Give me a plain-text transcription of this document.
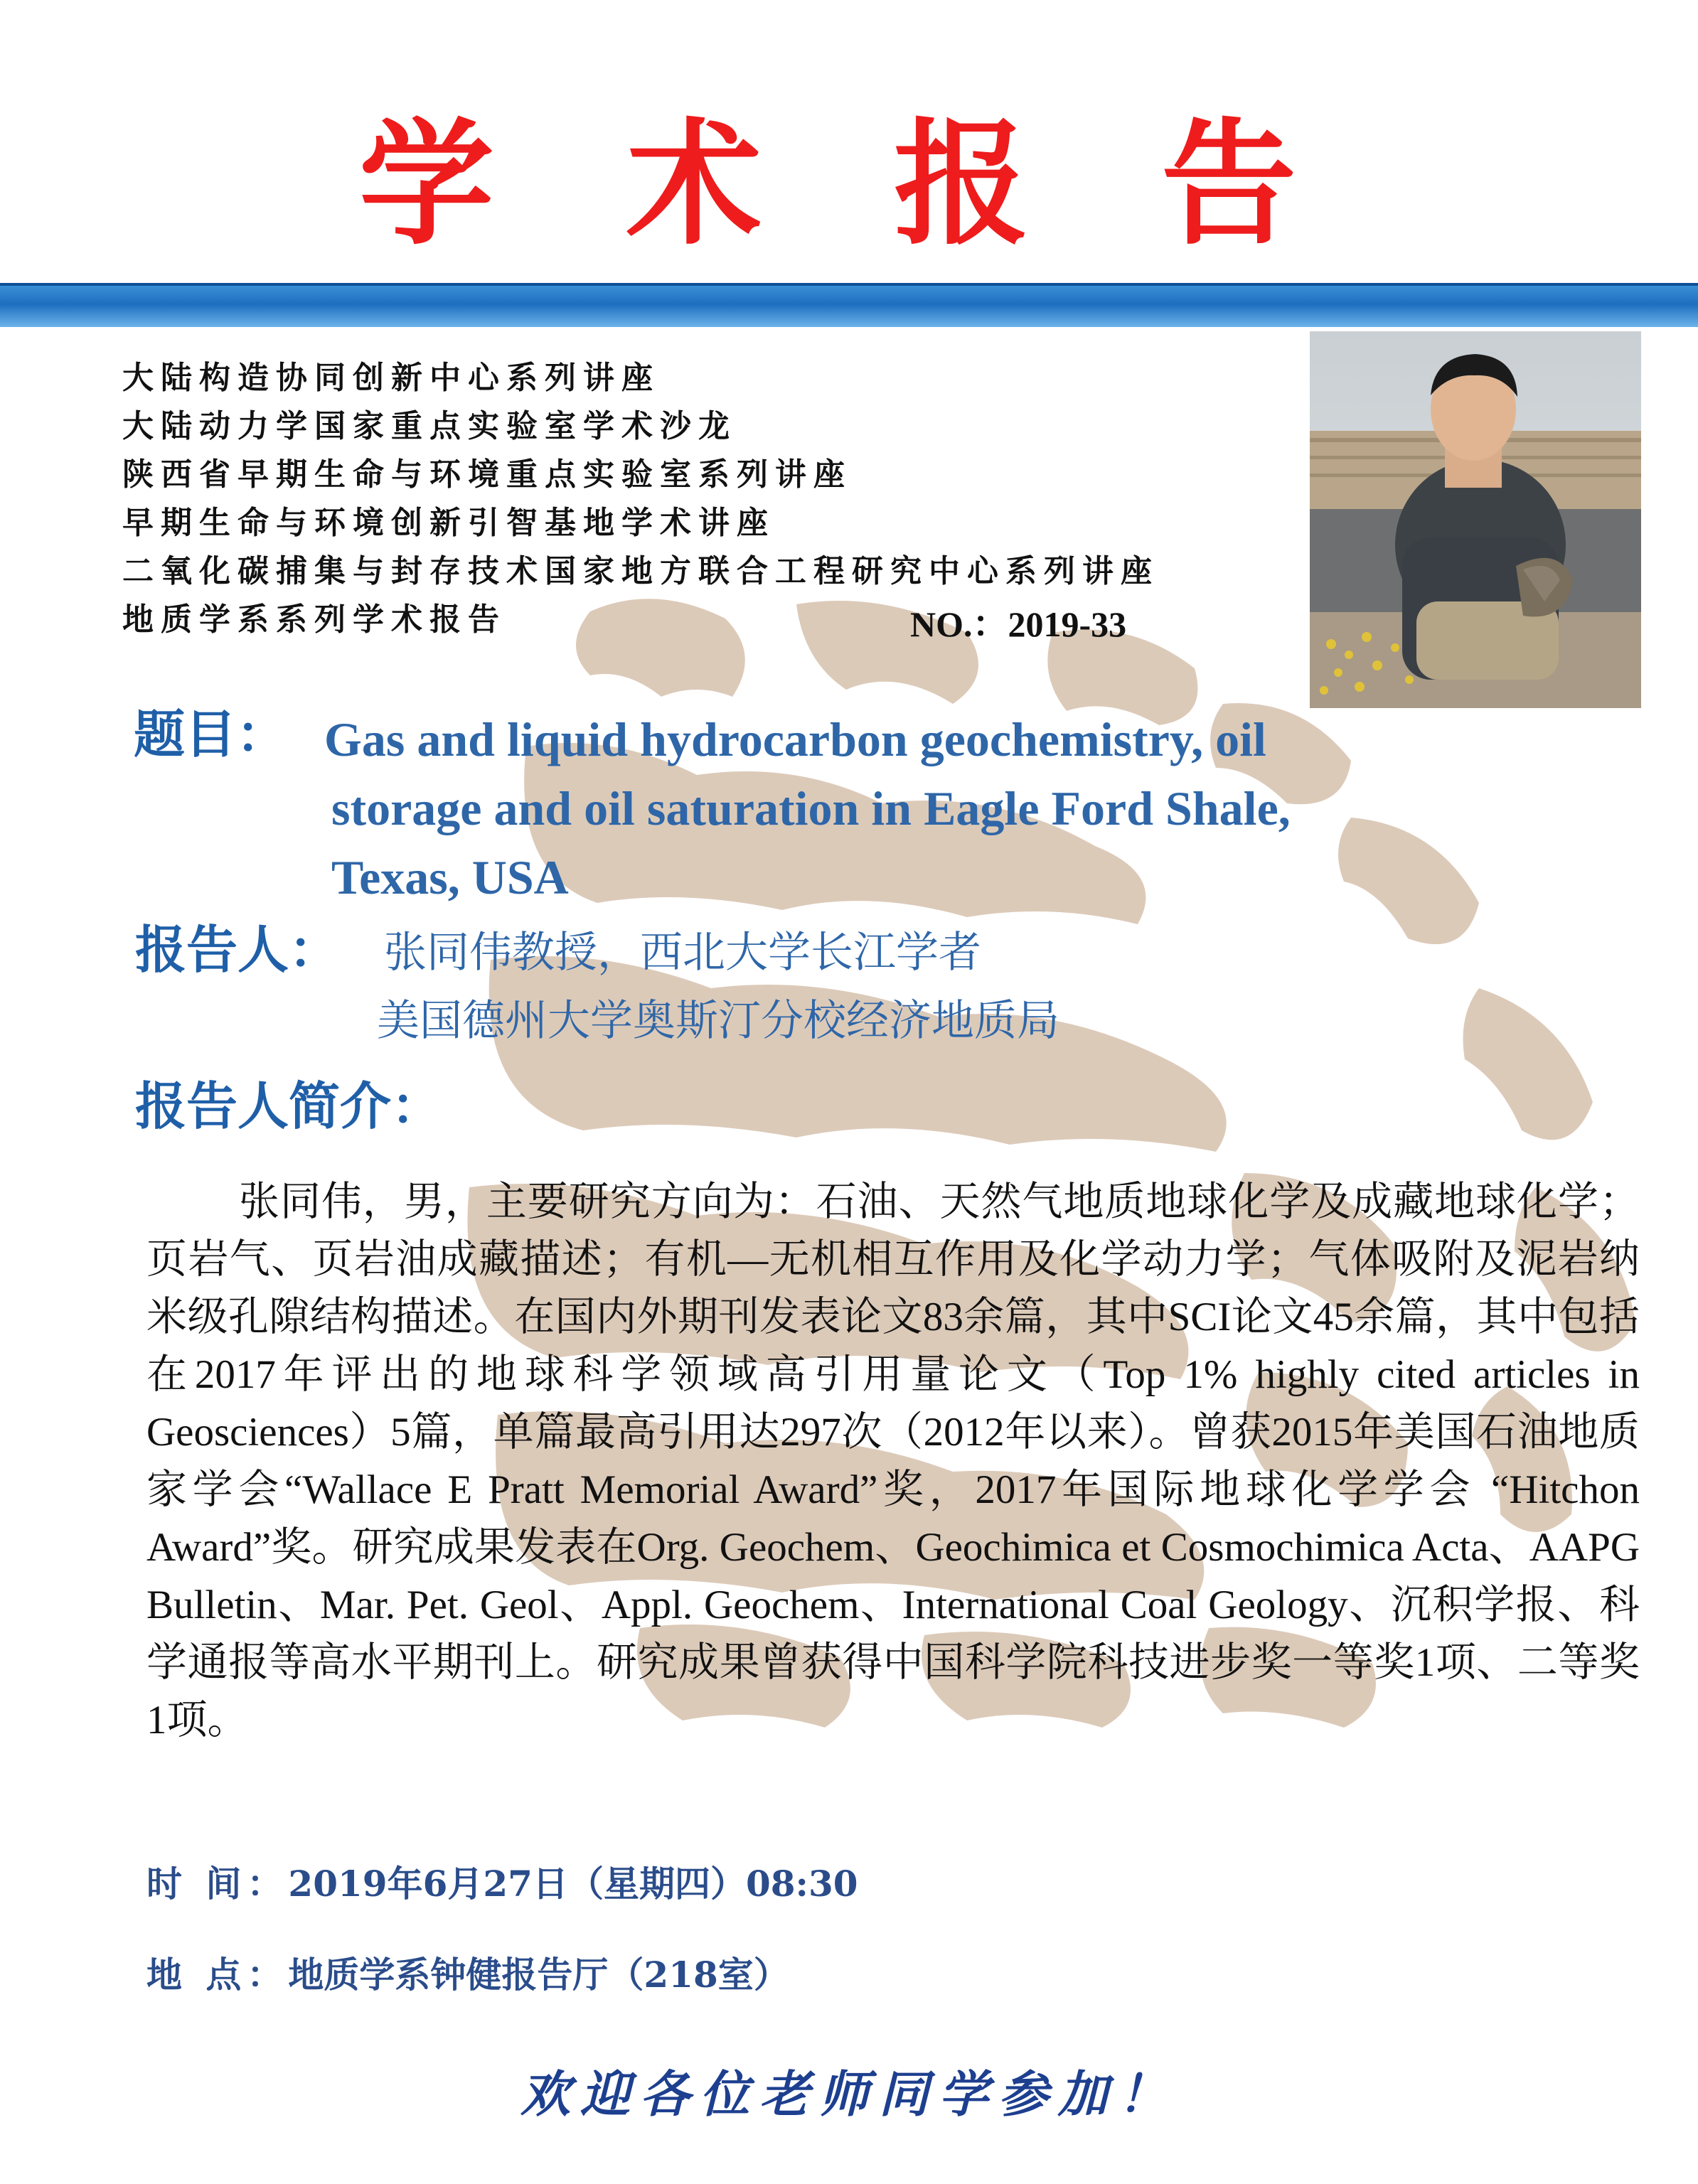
学 术 报 告
大陆构造协同创新中心系列讲座
大陆动力学国家重点实验室学术沙龙
陕西省早期生命与环境重点实验室系列讲座
早期生命与环境创新引智基地学术讲座
二氧化碳捕集与封存技术国家地方联合工程研究中心系列讲座
地质学系系列学术报告	NO.：2019-33
题目： Gas and liquid hydrocarbon geochemistry, oil
storage and oil saturation in Eagle Ford Shale,
Texas, USA
报告人： 张同伟教授，西北大学长江学者
美国德州大学奥斯汀分校经济地质局
报告人简介：
张同伟，男，主要研究方向为：石油、天然气地质地球化学及成藏地球化学；页岩气、页岩油成藏描述；有机—无机相互作用及化学动力学；气体吸附及泥岩纳米级孔隙结构描述。在国内外期刊发表论文83余篇，其中SCI论文45余篇，其中包括在2017年评出的地球科学领域高引用量论文（Top 1% highly cited articles in Geosciences）5篇，单篇最高引用达297次（2012年以来）。曾获2015年美国石油地质家学会“Wallace E Pratt Memorial Award”奖，2017年国际地球化学学会 “Hitchon Award”奖。研究成果发表在Org. Geochem、Geochimica et Cosmochimica Acta、AAPG Bulletin、Mar. Pet. Geol、Appl. Geochem、International Coal Geology、沉积学报、科学通报等高水平期刊上。研究成果曾获得中国科学院科技进步奖一等奖1项、二等奖1项。
时 间：2019年6月27日（星期四）08:30
地 点：地质学系钟健报告厅（218室）
欢迎各位老师同学参加！
